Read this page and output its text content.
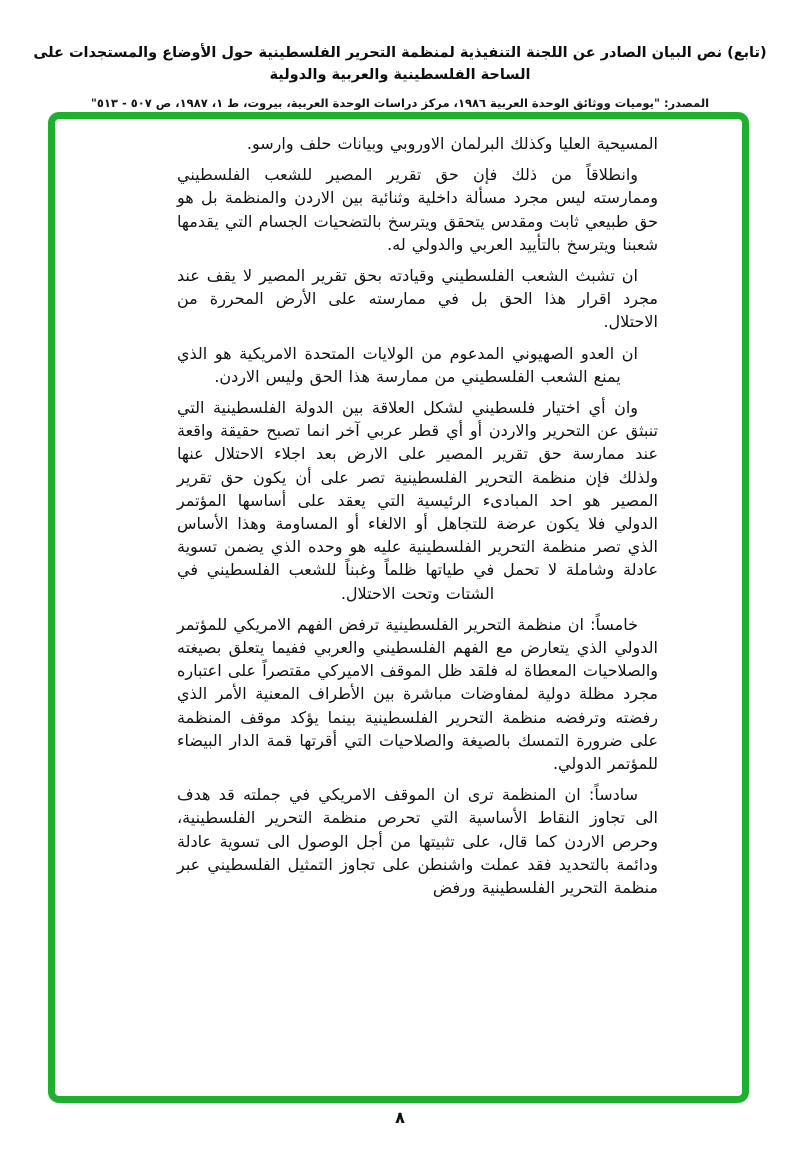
(تابع) نص البيان الصادر عن اللجنة التنفيذية لمنظمة التحرير الفلسطينية حول الأوضاع والمستجدات على الساحة الفلسطينية والعربية والدولية
المصدر: "يوميات ووثائق الوحدة العربية ١٩٨٦، مركز دراسات الوحدة العربية، بيروت، ط ١، ١٩٨٧، ص ٥٠٧ - ٥١٣"

المسيحية العليا وكذلك البرلمان الاوروبي وبيانات حلف وارسو.

وانطلاقاً من ذلك فإن حق تقرير المصير للشعب الفلسطيني وممارسته ليس مجرد مسألة داخلية وثنائية بين الاردن والمنظمة بل هو حق طبيعي ثابت ومقدس يتحقق ويترسخ بالتضحيات الجسام التي يقدمها شعبنا ويترسخ بالتأييد العربي والدولي له.

ان تشبث الشعب الفلسطيني وقيادته بحق تقرير المصير لا يقف عند مجرد اقرار هذا الحق بل في ممارسته على الأرض المحررة من الاحتلال.

ان العدو الصهيوني المدعوم من الولايات المتحدة الامريكية هو الذي يمنع الشعب الفلسطيني من ممارسة هذا الحق وليس الاردن.

وان أي اختيار فلسطيني لشكل العلاقة بين الدولة الفلسطينية التي تنبثق عن التحرير والاردن أو أي قطر عربي آخر انما تصبح حقيقة واقعة عند ممارسة حق تقرير المصير على الارض بعد اجلاء الاحتلال عنها ولذلك فإن منظمة التحرير الفلسطينية تصر على أن يكون حق تقرير المصير هو احد المبادىء الرئيسية التي يعقد على أساسها المؤتمر الدولي فلا يكون عرضة للتجاهل أو الالغاء أو المساومة وهذا الأساس الذي تصر منظمة التحرير الفلسطينية عليه هو وحده الذي يضمن تسوية عادلة وشاملة لا تحمل في طياتها ظلماً وغبناً للشعب الفلسطيني في الشتات وتحت الاحتلال.

خامساً: ان منظمة التحرير الفلسطينية ترفض الفهم الامريكي للمؤتمر الدولي الذي يتعارض مع الفهم الفلسطيني والعربي ففيما يتعلق بصيغته والصلاحيات المعطاة له فلقد ظل الموقف الاميركي مقتصراً على اعتباره مجرد مظلة دولية لمفاوضات مباشرة بين الأطراف المعنية الأمر الذي رفضته وترفضه منظمة التحرير الفلسطينية بينما يؤكد موقف المنظمة على ضرورة التمسك بالصيغة والصلاحيات التي أقرتها قمة الدار البيضاء للمؤتمر الدولي.

سادساً: ان المنظمة ترى ان الموقف الامريكي في جملته قد هدف الى تجاوز النقاط الأساسية التي تحرص منظمة التحرير الفلسطينية، وحرص الاردن كما قال، على تثبيتها من أجل الوصول الى تسوية عادلة ودائمة بالتحديد فقد عملت واشنطن على تجاوز التمثيل الفلسطيني عبر منظمة التحرير الفلسطينية ورفض

٨
